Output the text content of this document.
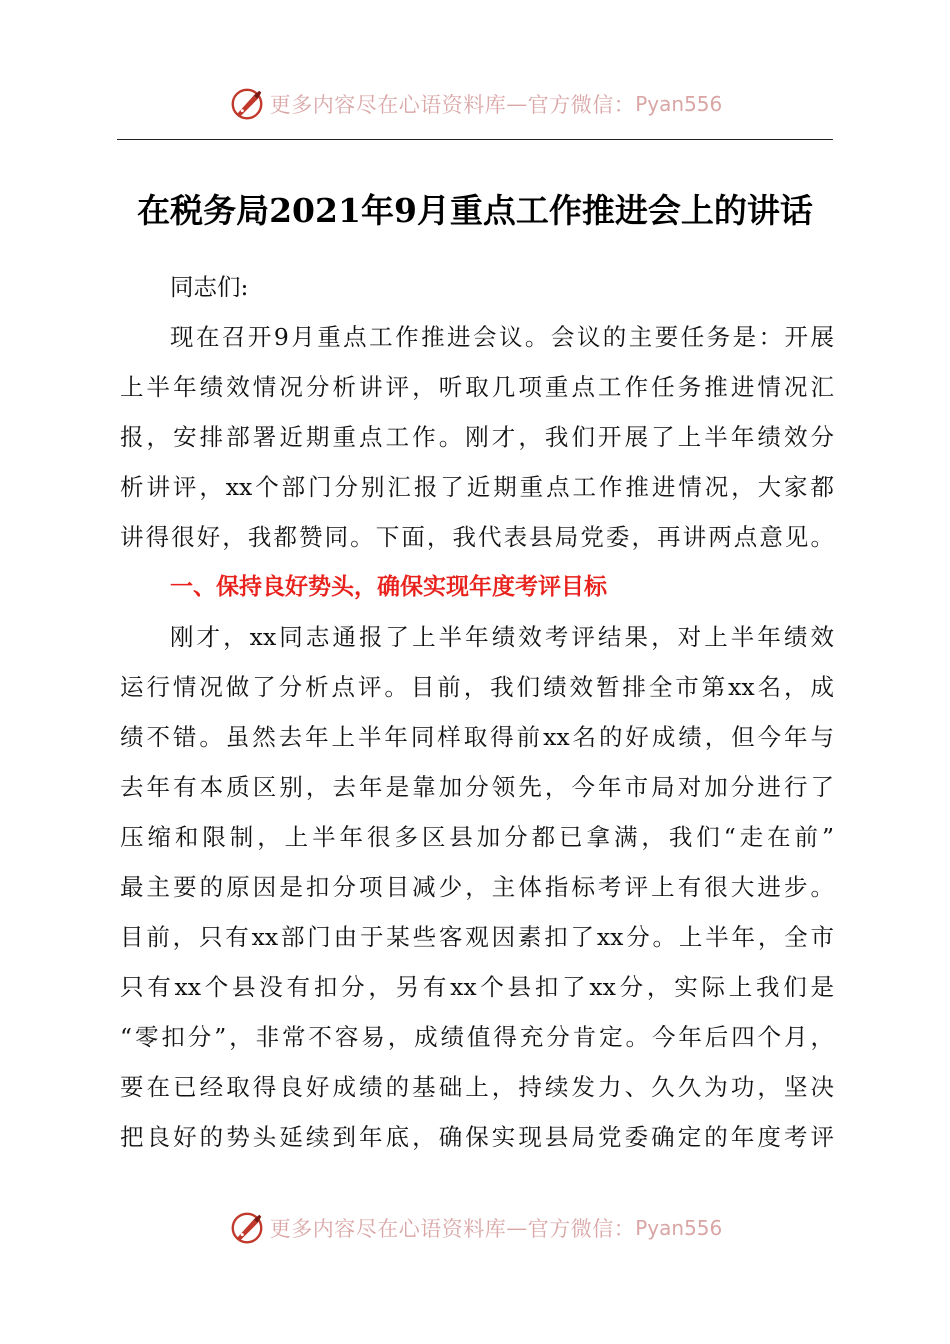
更多内容尽在心语资料库 — 官方微信： Pyan556
在税务局2021年9月重点工作推进会上的讲话
同志们:
现在召开9月重点工作推进会议。会议的主要任务是：开展
上半年绩效情况分析讲评，听取几项重点工作任务推进情况汇
报，安排部署近期重点工作。刚才，我们开展了上半年绩效分
析讲评，xx个部门分别汇报了近期重点工作推进情况，大家都
讲得很好，我都赞同。下面，我代表县局党委，再讲两点意见。
一、保持良好势头，确保实现年度考评目标
刚才，xx同志通报了上半年绩效考评结果，对上半年绩效
运行情况做了分析点评。目前，我们绩效暂排全市第xx名，成
绩不错。虽然去年上半年同样取得前xx名的好成绩，但今年与
去年有本质区别，去年是靠加分领先，今年市局对加分进行了
压缩和限制，上半年很多区县加分都已拿满，我们“走在前”
最主要的原因是扣分项目减少，主体指标考评上有很大进步。
目前，只有xx部门由于某些客观因素扣了xx分。上半年，全市
只有xx个县没有扣分，另有xx个县扣了xx分，实际上我们是
“零扣分”，非常不容易，成绩值得充分肯定。今年后四个月，
要在已经取得良好成绩的基础上，持续发力、久久为功，坚决
把良好的势头延续到年底，确保实现县局党委确定的年度考评
更多内容尽在心语资料库 — 官方微信： Pyan556
